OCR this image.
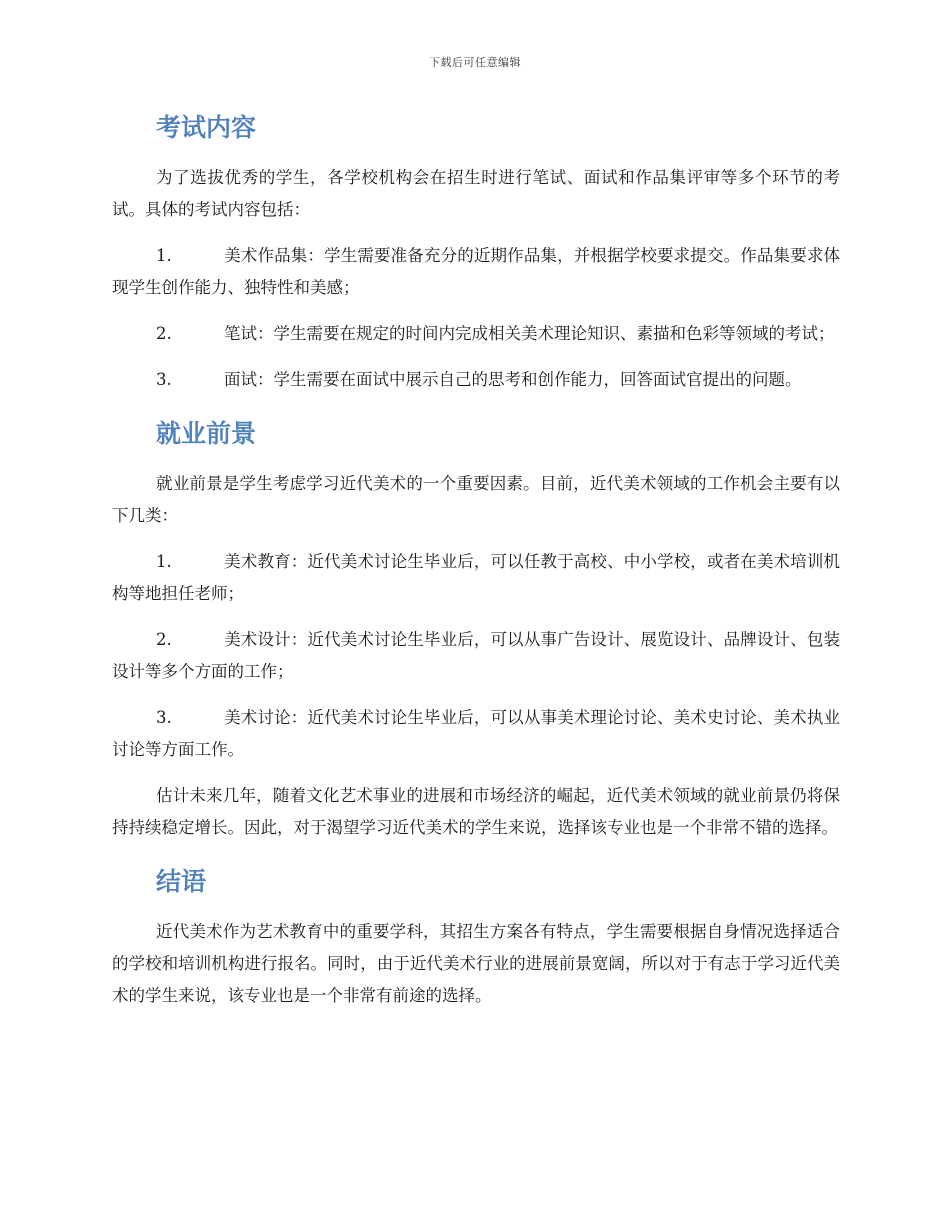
下载后可任意编辑
考试内容

为了选拔优秀的学生，各学校机构会在招生时进行笔试、面试和作品集评审等多个环节的考试。具体的考试内容包括：

1.	美术作品集：学生需要准备充分的近期作品集，并根据学校要求提交。作品集要求体现学生创作能力、独特性和美感；

2.	笔试：学生需要在规定的时间内完成相关美术理论知识、素描和色彩等领域的考试；

3.	面试：学生需要在面试中展示自己的思考和创作能力，回答面试官提出的问题。

就业前景

就业前景是学生考虑学习近代美术的一个重要因素。目前，近代美术领域的工作机会主要有以下几类：

1.	美术教育：近代美术讨论生毕业后，可以任教于高校、中小学校，或者在美术培训机构等地担任老师；

2.	美术设计：近代美术讨论生毕业后，可以从事广告设计、展览设计、品牌设计、包装设计等多个方面的工作；

3.	美术讨论：近代美术讨论生毕业后，可以从事美术理论讨论、美术史讨论、美术执业讨论等方面工作。

估计未来几年，随着文化艺术事业的进展和市场经济的崛起，近代美术领域的就业前景仍将保持持续稳定增长。因此，对于渴望学习近代美术的学生来说，选择该专业也是一个非常不错的选择。

结语

近代美术作为艺术教育中的重要学科，其招生方案各有特点，学生需要根据自身情况选择适合的学校和培训机构进行报名。同时，由于近代美术行业的进展前景宽阔，所以对于有志于学习近代美术的学生来说，该专业也是一个非常有前途的选择。
